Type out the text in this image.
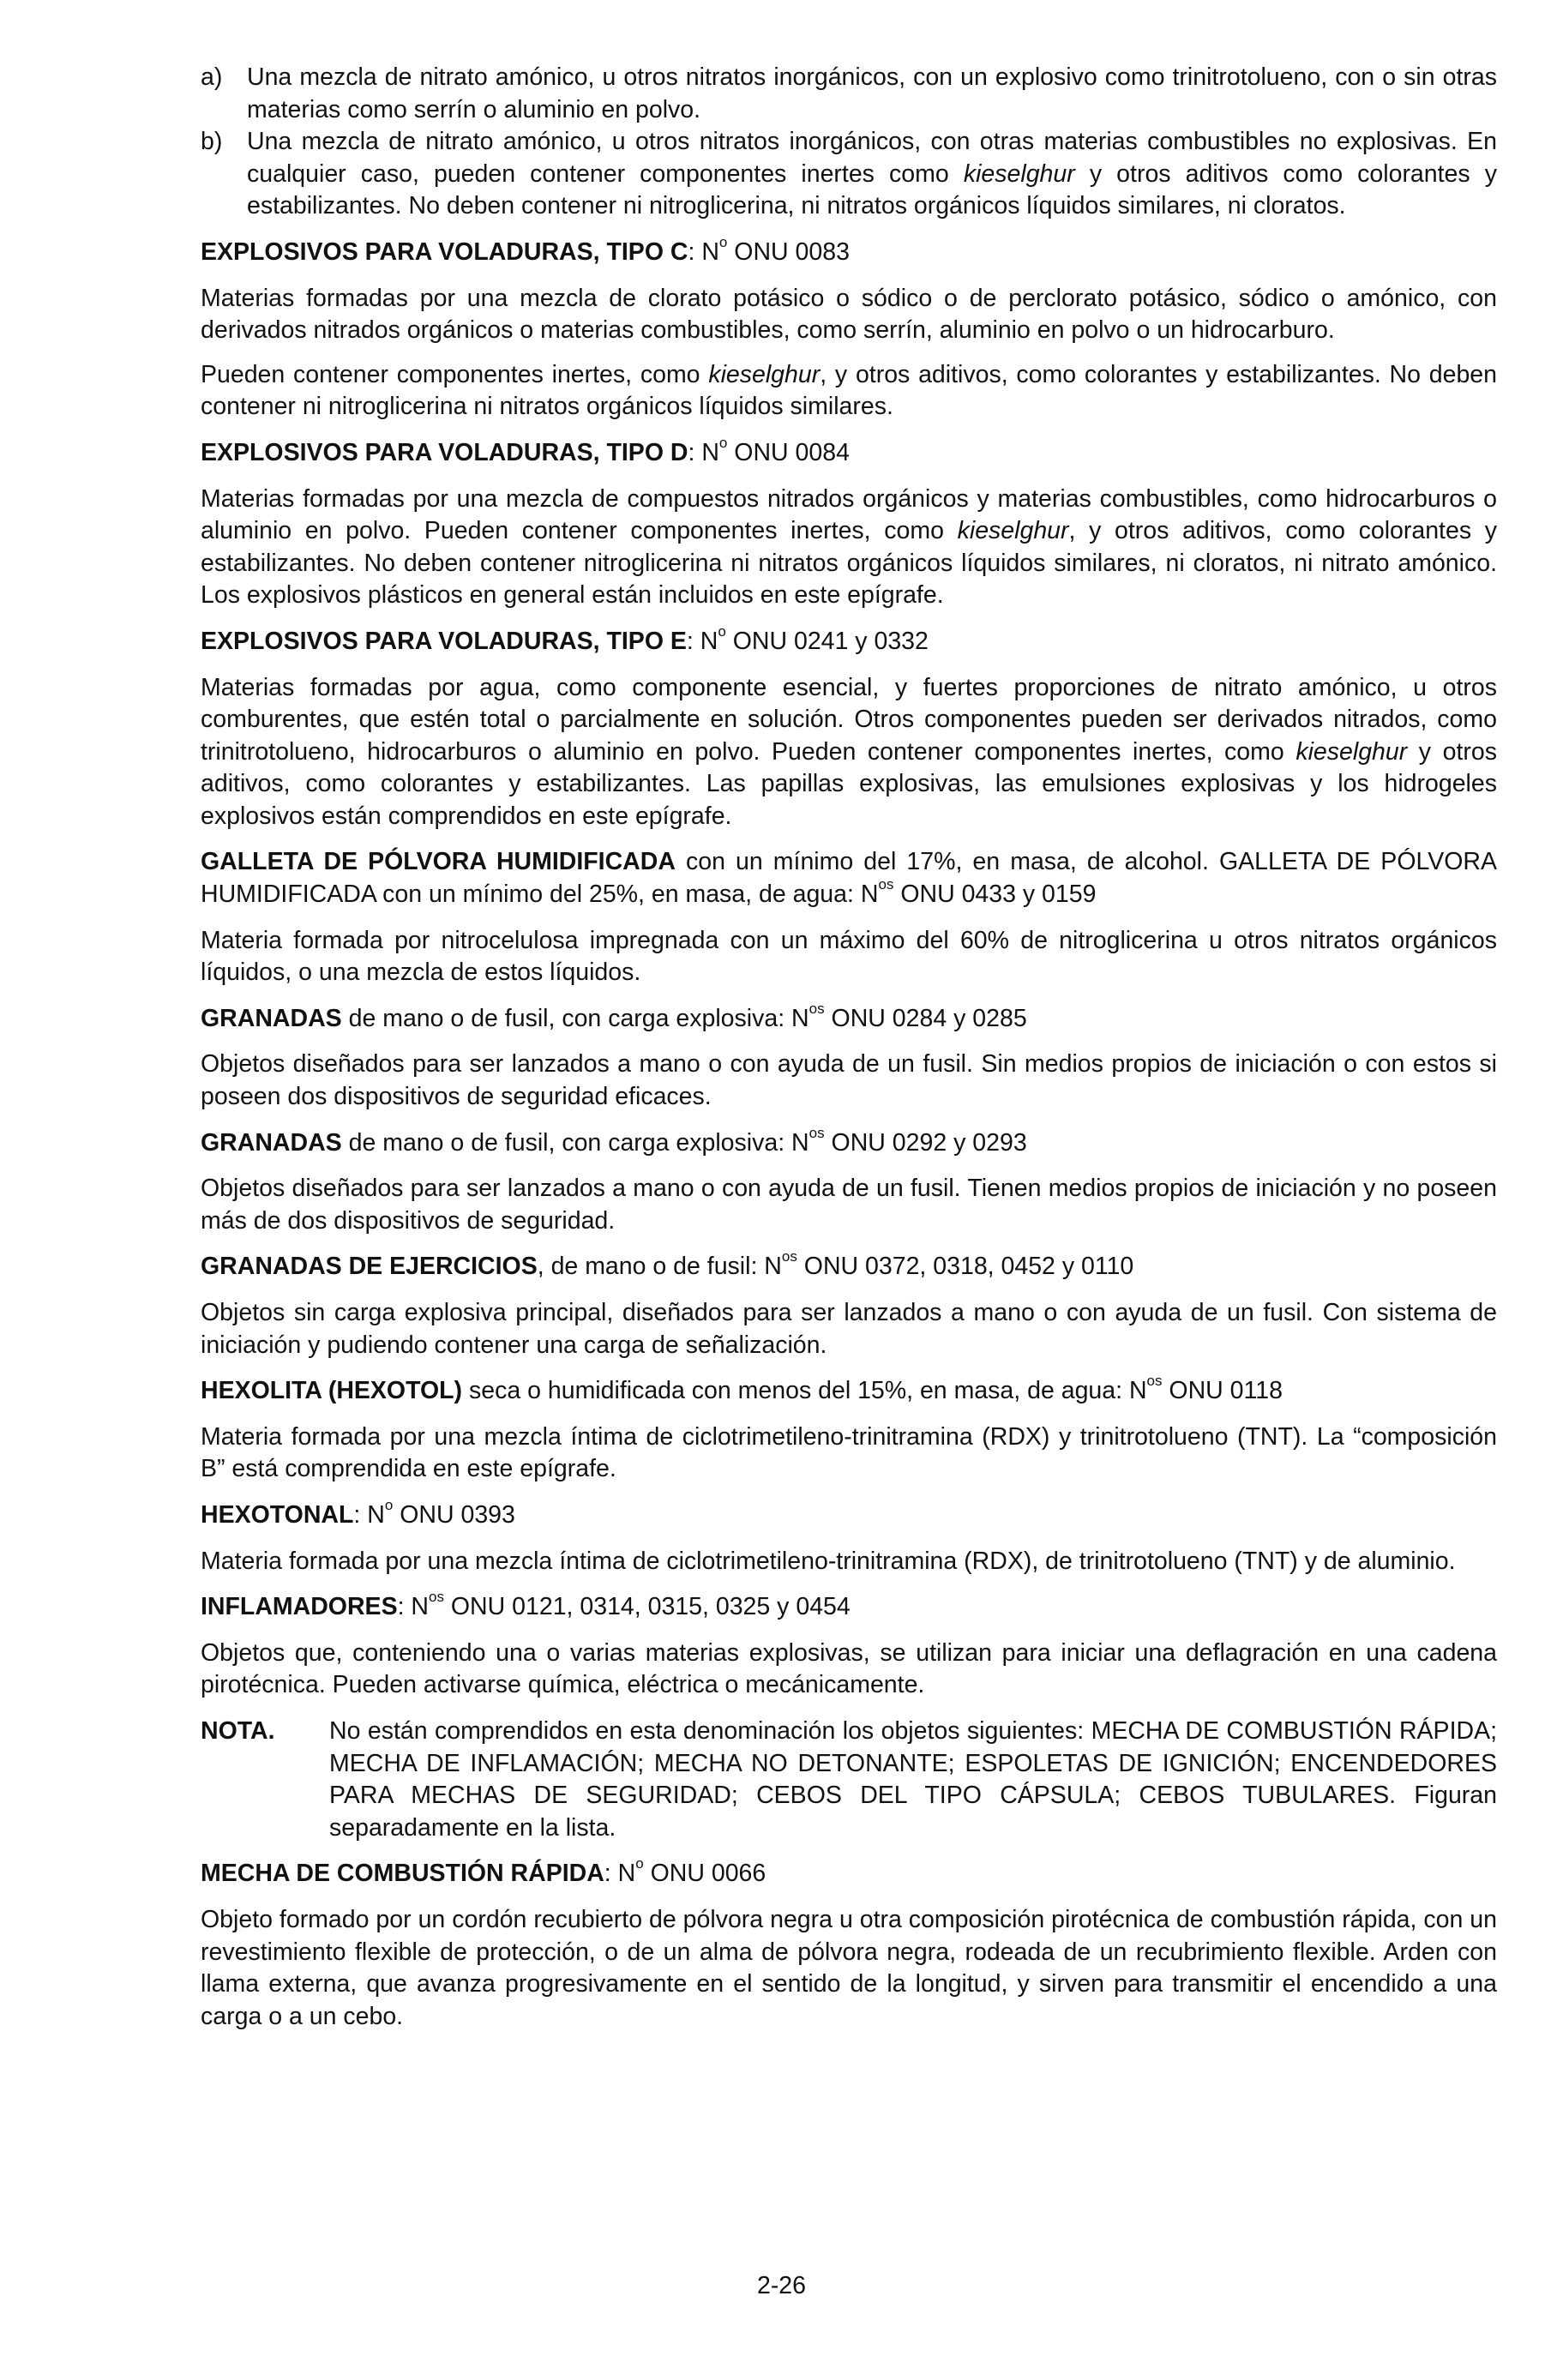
a)	Una mezcla de nitrato amónico, u otros nitratos inorgánicos, con un explosivo como trinitrotolueno, con o sin otras materias como serrín o aluminio en polvo.

b)	Una mezcla de nitrato amónico, u otros nitratos inorgánicos, con otras materias combustibles no explosivas. En cualquier caso, pueden contener componentes inertes como kieselghur y otros aditivos como colorantes y estabilizantes. No deben contener ni nitroglicerina, ni nitratos orgánicos líquidos similares, ni cloratos.

EXPLOSIVOS PARA VOLADURAS, TIPO C: $N^o$ ONU 0083

Materias formadas por una mezcla de clorato potásico o sódico o de perclorato potásico, sódico o amónico, con derivados nitrados orgánicos o materias combustibles, como serrín, aluminio en polvo o un hidrocarburo.

Pueden contener componentes inertes, como kieselghur, y otros aditivos, como colorantes y estabilizantes. No deben contener ni nitroglicerina ni nitratos orgánicos líquidos similares.

EXPLOSIVOS PARA VOLADURAS, TIPO D: $N^o$ ONU 0084

Materias formadas por una mezcla de compuestos nitrados orgánicos y materias combustibles, como hidrocarburos o aluminio en polvo. Pueden contener componentes inertes, como kieselghur, y otros aditivos, como colorantes y estabilizantes. No deben contener nitroglicerina ni nitratos orgánicos líquidos similares, ni cloratos, ni nitrato amónico. Los explosivos plásticos en general están incluidos en este epígrafe.

EXPLOSIVOS PARA VOLADURAS, TIPO E: $N^o$ ONU 0241 y 0332

Materias formadas por agua, como componente esencial, y fuertes proporciones de nitrato amónico, u otros comburentes, que estén total o parcialmente en solución. Otros componentes pueden ser derivados nitrados, como trinitrotolueno, hidrocarburos o aluminio en polvo. Pueden contener componentes inertes, como kieselghur y otros aditivos, como colorantes y estabilizantes. Las papillas explosivas, las emulsiones explosivas y los hidrogeles explosivos están comprendidos en este epígrafe.

GALLETA DE PÓLVORA HUMIDIFICADA con un mínimo del 17%, en masa, de alcohol. GALLETA DE PÓLVORA HUMIDIFICADA con un mínimo del 25%, en masa, de agua: $N^{os}$ ONU 0433 y 0159

Materia formada por nitrocelulosa impregnada con un máximo del 60% de nitroglicerina u otros nitratos orgánicos líquidos, o una mezcla de estos líquidos.

GRANADAS de mano o de fusil, con carga explosiva: $N^{os}$ ONU 0284 y 0285

Objetos diseñados para ser lanzados a mano o con ayuda de un fusil. Sin medios propios de iniciación o con estos si poseen dos dispositivos de seguridad eficaces.

GRANADAS de mano o de fusil, con carga explosiva: $N^{os}$ ONU 0292 y 0293

Objetos diseñados para ser lanzados a mano o con ayuda de un fusil. Tienen medios propios de iniciación y no poseen más de dos dispositivos de seguridad.

GRANADAS DE EJERCICIOS, de mano o de fusil: $N^{os}$ ONU 0372, 0318, 0452 y 0110

Objetos sin carga explosiva principal, diseñados para ser lanzados a mano o con ayuda de un fusil. Con sistema de iniciación y pudiendo contener una carga de señalización.

HEXOLITA (HEXOTOL) seca o humidificada con menos del 15%, en masa, de agua: $N^{os}$ ONU 0118

Materia formada por una mezcla íntima de ciclotrimetileno-trinitramina (RDX) y trinitrotolueno (TNT). La “composición B” está comprendida en este epígrafe.

HEXOTONAL: $N^o$ ONU 0393

Materia formada por una mezcla íntima de ciclotrimetileno-trinitramina (RDX), de trinitrotolueno (TNT) y de aluminio.

INFLAMADORES: $N^{os}$ ONU 0121, 0314, 0315, 0325 y 0454

Objetos que, conteniendo una o varias materias explosivas, se utilizan para iniciar una deflagración en una cadena pirotécnica. Pueden activarse química, eléctrica o mecánicamente.

NOTA.	No están comprendidos en esta denominación los objetos siguientes: MECHA DE COMBUSTIÓN RÁPIDA; MECHA DE INFLAMACIÓN; MECHA NO DETONANTE; ESPOLETAS DE IGNICIÓN; ENCENDEDORES PARA MECHAS DE SEGURIDAD; CEBOS DEL TIPO CÁPSULA; CEBOS TUBULARES. Figuran separadamente en la lista.

MECHA DE COMBUSTIÓN RÁPIDA: $N^o$ ONU 0066

Objeto formado por un cordón recubierto de pólvora negra u otra composición pirotécnica de combustión rápida, con un revestimiento flexible de protección, o de un alma de pólvora negra, rodeada de un recubrimiento flexible. Arden con llama externa, que avanza progresivamente en el sentido de la longitud, y sirven para transmitir el encendido a una carga o a un cebo.

2-26
